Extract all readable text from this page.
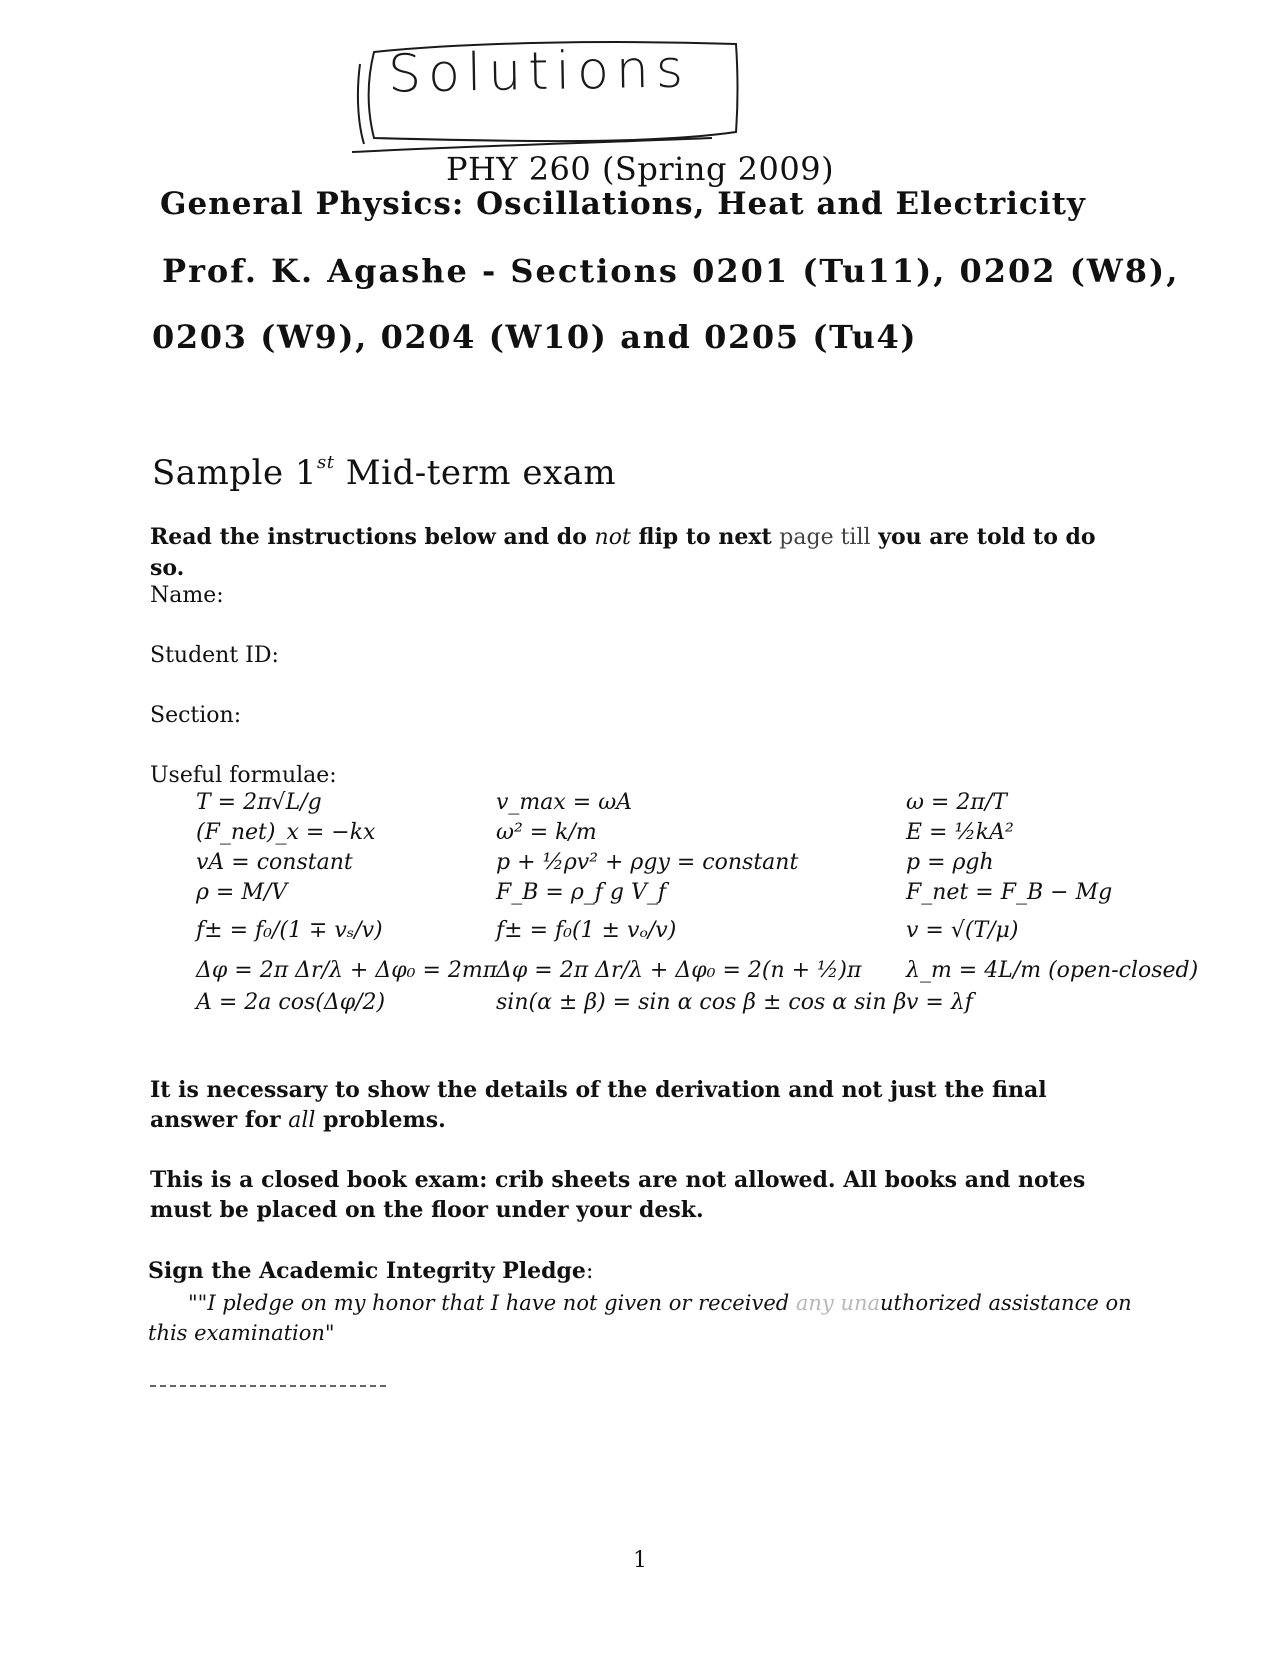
Solutions
PHY 260 (Spring 2009)
General Physics: Oscillations, Heat and Electricity
Prof. K. Agashe - Sections 0201 (Tu11), 0202 (W8),
0203 (W9), 0204 (W10) and 0205 (Tu4)
Sample 1st Mid-term exam
Read the instructions below and do not flip to next page till you are told to do so.
Name:
Student ID:
Section:
Useful formulae:
T = 2π√L/g
(F_net)_x = −kx
vA = constant
ρ = M/V
f± = f₀/(1 ∓ vₛ/v)
Δφ = 2π Δr/λ + Δφ₀ = 2mπ
A = 2a cos(Δφ/2)
v_max = ωA
ω² = k/m
p + ½ρv² + ρgy = constant
F_B = ρ_f g V_f
f± = f₀(1 ± vₒ/v)
Δφ = 2π Δr/λ + Δφ₀ = 2(n + ½)π
sin(α ± β) = sin α cos β ± cos α sin β
ω = 2π/T
E = ½kA²
p = ρgh
F_net = F_B − Mg
v = √(T/μ)
λ_m = 4L/m (open-closed)
v = λf
It is necessary to show the details of the derivation and not just the final answer for all problems.
This is a closed book exam: crib sheets are not allowed. All books and notes must be placed on the floor under your desk.
Sign the Academic Integrity Pledge:
""I pledge on my honor that I have not given or received any unauthorized assistance on this examination"
1
